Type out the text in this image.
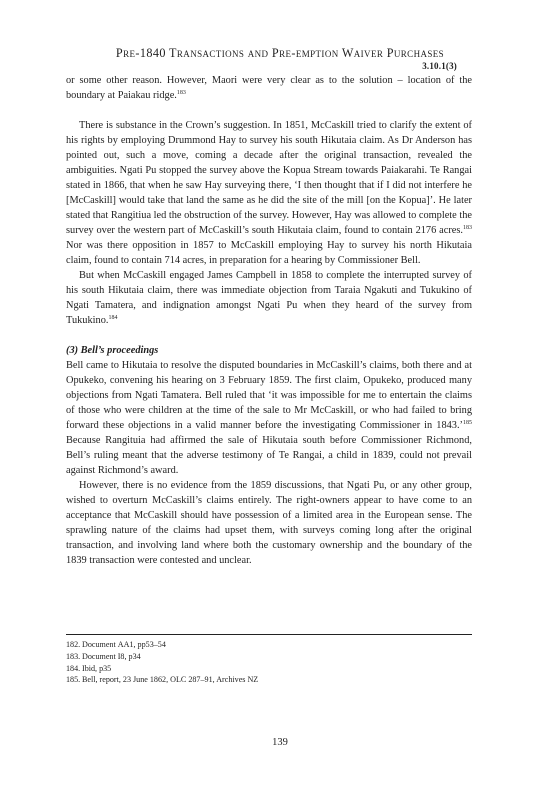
Pre-1840 Transactions and Pre-emption Waiver Purchases
3.10.1(3)

or some other reason. However, Maori were very clear as to the solution – location of the boundary at Paiakau ridge.$^{183}$

There is substance in the Crown’s suggestion. In 1851, McCaskill tried to clarify the extent of his rights by employing Drummond Hay to survey his south Hikutaia claim. As Dr Anderson has pointed out, such a move, coming a decade after the original transaction, revealed the ambiguities. Ngati Pu stopped the survey above the Kopua Stream towards Paiakarahi. Te Rangai stated in 1866, that when he saw Hay surveying there, ‘I then thought that if I did not interfere he [McCaskill] would take that land the same as he did the site of the mill [on the Kopua]’. He later stated that Rangitiua led the obstruction of the survey. However, Hay was allowed to complete the survey over the western part of McCaskill’s south Hikutaia claim, found to contain 2176 acres.$^{183}$ Nor was there opposition in 1857 to McCaskill employing Hay to survey his north Hikutaia claim, found to contain 714 acres, in preparation for a hearing by Commissioner Bell.

But when McCaskill engaged James Campbell in 1858 to complete the interrupted survey of his south Hikutaia claim, there was immediate objection from Taraia Ngakuti and Tukukino of Ngati Tamatera, and indignation amongst Ngati Pu when they heard of the survey from Tukukino.$^{184}$

(3) Bell’s proceedings

Bell came to Hikutaia to resolve the disputed boundaries in McCaskill’s claims, both there and at Opukeko, convening his hearing on 3 February 1859. The first claim, Opukeko, produced many objections from Ngati Tamatera. Bell ruled that ‘it was impossible for me to entertain the claims of those who were children at the time of the sale to Mr McCaskill, or who had failed to bring forward these objections in a valid manner before the investigating Commissioner in 1843.’$^{185}$ Because Rangituia had affirmed the sale of Hikutaia south before Commissioner Richmond, Bell’s ruling meant that the adverse testimony of Te Rangai, a child in 1839, could not prevail against Richmond’s award.

However, there is no evidence from the 1859 discussions, that Ngati Pu, or any other group, wished to overturn McCaskill’s claims entirely. The right-owners appear to have come to an acceptance that McCaskill should have possession of a limited area in the European sense. The sprawling nature of the claims had upset them, with surveys coming long after the original transaction, and involving land where both the customary ownership and the boundary of the 1839 transaction were contested and unclear.

182. Document AA1, pp53–54
183. Document I8, p34
184. Ibid, p35
185. Bell, report, 23 June 1862, OLC 287–91, Archives NZ
139
